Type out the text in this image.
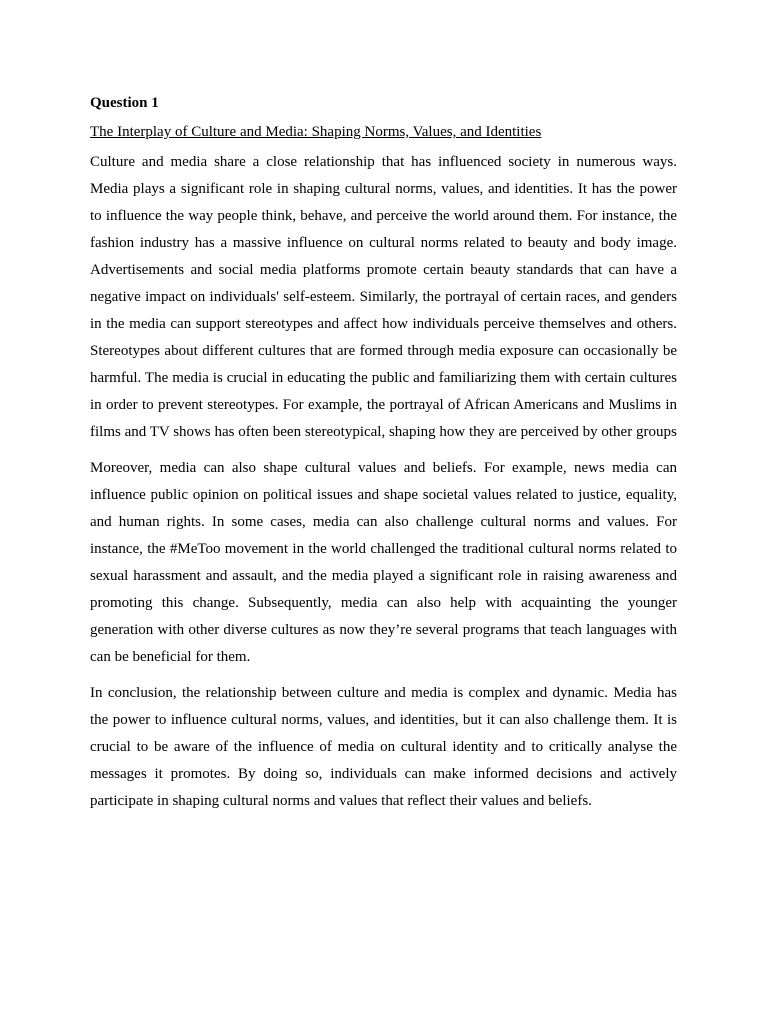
Question 1
The Interplay of Culture and Media: Shaping Norms, Values, and Identities

Culture and media share a close relationship that has influenced society in numerous ways. Media plays a significant role in shaping cultural norms, values, and identities. It has the power to influence the way people think, behave, and perceive the world around them. For instance, the fashion industry has a massive influence on cultural norms related to beauty and body image. Advertisements and social media platforms promote certain beauty standards that can have a negative impact on individuals' self-esteem. Similarly, the portrayal of certain races, and genders in the media can support stereotypes and affect how individuals perceive themselves and others. Stereotypes about different cultures that are formed through media exposure can occasionally be harmful. The media is crucial in educating the public and familiarizing them with certain cultures in order to prevent stereotypes. For example, the portrayal of African Americans and Muslims in films and TV shows has often been stereotypical, shaping how they are perceived by other groups

Moreover, media can also shape cultural values and beliefs. For example, news media can influence public opinion on political issues and shape societal values related to justice, equality, and human rights. In some cases, media can also challenge cultural norms and values. For instance, the #MeToo movement in the world challenged the traditional cultural norms related to sexual harassment and assault, and the media played a significant role in raising awareness and promoting this change. Subsequently, media can also help with acquainting the younger generation with other diverse cultures as now they’re several programs that teach languages with can be beneficial for them.

In conclusion, the relationship between culture and media is complex and dynamic. Media has the power to influence cultural norms, values, and identities, but it can also challenge them. It is crucial to be aware of the influence of media on cultural identity and to critically analyse the messages it promotes. By doing so, individuals can make informed decisions and actively participate in shaping cultural norms and values that reflect their values and beliefs.
